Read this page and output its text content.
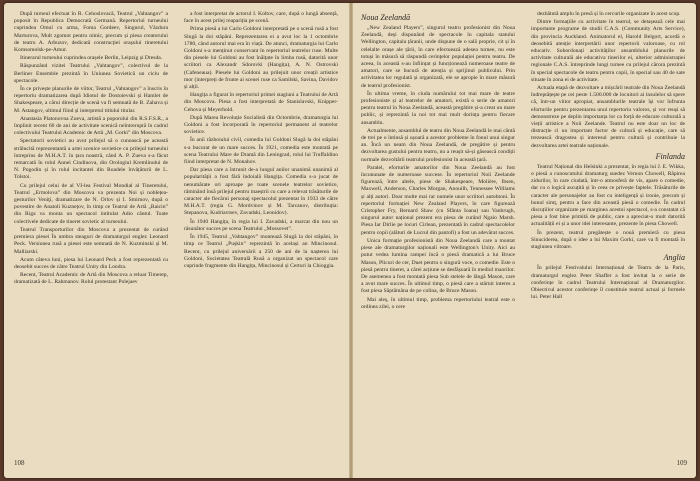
După turneul efectuat în R. Cehoslovacă, Teatrul „Vahtangov” a poposit în Republica Democrată Germană. Repertoriul turneului cuprindea Omul cu arma, Foma Gordeev, Singurul, Văzdura Marturova, Mult zgomot pentru nimic, precum și piesa creatorului de teatru A. Arbuzov, dedicată construcției orașului tineretului Komsomolsk-pe-Amur.

Itinerarul turneului cuprindea orașele Berlin, Leipzig și Dresda.

Răspunzând vizitei Teatrului „Vahtangov”, colectivul de la Berliner Ensemble prezintă în Uniunea Sovietică un ciclu de spectacole.

În ce privește planurile de viitor, Teatrul „Vahtangov” a înscris în repertoriu dramatizarea după Idiotul de Dostoievski și Hamlet de Shakespeare, a cărui direcție de scenă va fi semnată de B. Zahava și M. Astangov, ultimul fiind și interpretul titlului titular.

Anastasia Platonovna Zueva, artistă a poporului din R.S.F.S.R., a împlinit recent 60 de ani de activitate scenică neîntreruptă în cadrul colectivului Teatrului Academic de Artă „M. Gorki” din Moscova.

Spectatorii sovietici au avut prilejul să o cunoască pe această strălucită reprezentantă a artei scenice sovietice cu prilejul turneului întreprins de M.H.A.T. în țara noastră, când A. P. Zueva s-a făcut remarcată în rolul Annei Cindinova, din Orologiul Kremlinului de N. Pogodin și în rolul incitantei din Roadele învățăturii de L. Tolstoi.

Cu prilejul celui de al VI-lea Festival Mondial al Tineretului, Teatrul „Ermolova” din Moscova va prezenta Noi și noblețea-gesturilor Veniţi, dramatizare de N. Orlov și I. Smirnov, după o povestire de Anatoli Kuznețov, în timp ce Teatrul de Artă „Raicin” din Riga va monta un spectacol intitulat Adio cântul. Toate colectivele dedicate de tineret sovietic al turneului.

Teatrul Transporturilor din Moscova a prezentat de curând premiera piesei În umbra steaguri de dramaturgul englez Leonard Peck. Versiunea rusă a piesei este semnată de N. Kuzminski și M. Malliarski.

Acum câteva luni, piesa lui Leonard Peck a fost reprezentată cu deosebit succes de către Teatrul Unity din Londra.

Recent, Teatrul Academic de Artă din Moscova a reluat Timerep, dramatizată de L. Rahmanov. Rolul protestant Polejaev

a fost interpretat de actorul I. Koltov, care, după o lungă absență, face în acest prilej reapariția pe scenă.

Prima piesă a lui Carlo Goldoni interpretată pe o scenă rusă a fost Slugă la doi stăpâni. Reprezentarea ei a avut loc la 1 octombrie 1780, când autorul mai era în viață. De atunci, dramaturgia lui Carlo Goldoni s-a menținut conservant în repertoriul teatrelor ruse. Multe din piesele lui Goldoni au fost înălțate în limba rusă, datorită unor scriitori ca Alexandr Sdorovki (Hangița), A. N. Ostrovski (Cafeneaua). Piesele lui Goldoni au prilejuit unor creații artistice mor (interpreți de frunte ai scenei ruse ca Samilski, Savina, Davidov și alții.

Hangița a figurat în repertoriul primei stagiuni a Teatrului de Artă din Moscova. Piesa a fost interpretată de Stanislavski, Knipper-Cehova și Meyerhold.

După Marea Revoluție Socialistă din Octombrie, dramaturgia lui Goldoni a fost încorporată în repertoriul permanent al teatrelor sovietice.

În anii războiului civil, comedia lui Goldoni Slugă la doi stăpâni s-a bucurat de un mare succes. În 1921, comedia este montată pe scena Teatrului Mare de Dramă din Leningrad, rolul lui Truffaldino fiind interpretat de N. Monahov.

Dar piesa care a întrunit de-a lungul anilor unanimă unanimă al popularității a fost fără îndoială Hangița. Comedia s-a jucat de nenumărate ori aproape pe toate scenele teatrelor sovietice, răminând însă prilejul pentru maeștrii cu care a relevat trăsăturile de caracter ale fiecărui personaj spectacolul prezentat în 1933 de către M.H.A.T. (regia G. Mordvinov și M. Tarcanov, distribuția: Stepanova, Kudriavtsev, Zavadski, Leonidov).

În 1940 Hangița, în regia lui I. Zavadski, a marcat din nou un răsunător succes pe scena Teatrului „Mossovet”.

În 1945, Teatrul „Vahtangov” montează Slugă la doi stăpâni, în timp ce Teatrul „Pușkin” reprezintă în același an Mincinosul. Recent, cu prilejul aniversării a 250 de ani de la nașterea lui Goldoni, Societatea Teatrală Rusă a organizat un spectacol care cuprinde fragmente din Hangița, Mincinosul și Certuri la Chioggia.

108
Noua Zeelandă

„New Zealand Players”, singurul teatru profesionist din Noua Zeelandă, deși dispunând de spectacole în capitala statului Wellington, capitala țăranii, unde dispune de o sală proprie, cit și în celelalte orașe ale țării, în care efectuează adesea turnee, nu este totuși în măsură să răspundă cerințelor populației pentru teatru. De aceea, în această s-au înființat și funcționează numeroase teatre de amatori, care se bucură de atenția și sprijinul publicului. Prin activitatea lor regulată și organizată, ele se apropie în mare măsură de teatrul profesionist.

În ultima vreme, în ciuda numărului tot mai mare de teatre profesioniste și al teatrelor de amatori, există o serie de amatori pentru teatrul în Noua Zeelandă, această pregătire și-a creat un mare public, și reprezintă la noi tot mai mult dorința pentru fiecare ansamblu.

Actualmente, ansamblul de teatru din Noua Zeelandă le mai cântă de trei pe o întinsă și ușoară a acestor probleme în fonul unui singur an. Încă un neam din Noua Zeelandă, de pregătire și pentru dezvoltarea gustului pentru teatru, nu a reușit să-și găsească condiții normale dezvoltării teatrului profesionist în această țară.

Paralel, eforturile amatorilor din Noua Zeelandă au fost încununate de numeroase succese. În repertoriul Noii Zeelande figurează, între altele, piese de Shakespeare, Molière, Ibsen, Maxwell, Anderson, Charles Morgan, Anouilh, Tennessee Williams și alți autori. Doar multe mai rar numele unor scriitori autohtoni. În repertoriul formației New Zealand Players, în care figurează Cristopher Fry, Bernard Shaw (cu Sfânta Ioana) sau Vanbrugh, singurul autor național prezent era piesa de curând Ngaio Marsh. Piesa Iar Dirlie pe locuri Cirlean, prezentată în cadrul spectacolelor pentru copii (alături de Lucrul din pantofi) a fost un adevărat succes.

Unica formație profesionistă din Noua Zeelandă care a montat piese ale dramaturgilor naționali este Wellington's Unity. Aici au putut vedea lumina rampei încă o piesă dramatică a lui Bruce Mason, Plicuri de cer, Duet pentru o singură voce, o comedie. Este o piesă pentru tineret, a cărei acțiune se desfășoară în mediul maorilor. De asemenea a fost montată piesa Sub stelele de lângă Mason, care a avut mare succes. În ultimul timp, o piesă care a stârnit interes a fost piesa Săptămâna de pe colina, de Bruce Mason.

Mai aleș, în ultimul timp, problema repertoriului teatral este o ordinea zilei, o cere

dezbătută amplu în presă și în cercurile organizate în acest scop.

Dintre formațiile cu activitate în teatrul, se detașează cele mai importante programe de studii C.A.S. (Community Arts Service), din provincia Auckland. Animatorul el, Harold Belgort, acordă o deosebită atenție interpretării unor repertorii valoroase, cu rol educativ. Subordonați activităților ansamblului planurile de activitate culturală ale educativa tinerilor ei, ulterior administrației regionale C.A.S. întreprinde lungi turnee cu prilejul cărora prezintă în special spectacole de teatru pentru copii, în special sau 40 de sate situate în zona ei de activitate.

Actuala etapă de dezvoltare a mișcării teatrale din Noua Zeelandă îndreptățește pe cei peste 1.500.000 de locuitori ai insulelor să spere că, într-un viitor apropiat, ansamblurile teatrale își vor înfrunta eforturile pentru prezentarea unui repertoriu valoros, și vor reuși să demonstreze pe deplin importanța lor ca forță de educare culturală a vieții artistice a Noii Zeelande. Teatrul nu este doar un loc de distracție ci un important factor de cultură și educație, care să trezească dragostea și interesul pentru cultură și contribuie la dezvoltarea artei teatrale naționale.

Finlanda

Teatrul Național din Helsinki a prezentat, în regia lui J. E. Wikka, o piesă a cunoscutului dramaturg suedez Vernon Chowell, Răpirea zidurilor, în care ciudată, într-o atmosferă de vis, apare o comedie, dar cu o logică ascuțită și în ceea ce privește faptele. Trăsăturile de caracter ale personajelor au fost cu inteligență și ironie, precum și bunul simț, pentru a face din această piesă o comedie. În cadrul discuțiilor organizate pe marginea acestui spectacol, s-a constatat că piesa a fost bine primită de public, care a apreciat-o mult datorită actualității ei și a unor idei interesante, prezente în piesa Chowell.

În prezent, teatrul pregătește o nouă premieră cu piesa Sinuciderea, după o idee a lui Maxim Gorki, care va fi montată în stagiunea viitoare.

Anglia

În prilejul Festivalului Internațional de Teatru de la Paris, dramaturgul englez Peter Shaffer a fost invitat la o serie de conferințe în cadrul Teatrului Internațional al Dramaturgilor. Obiectivul acestor conferințe îl constituie teatrul actual și formele lui. Peter Hall

109
